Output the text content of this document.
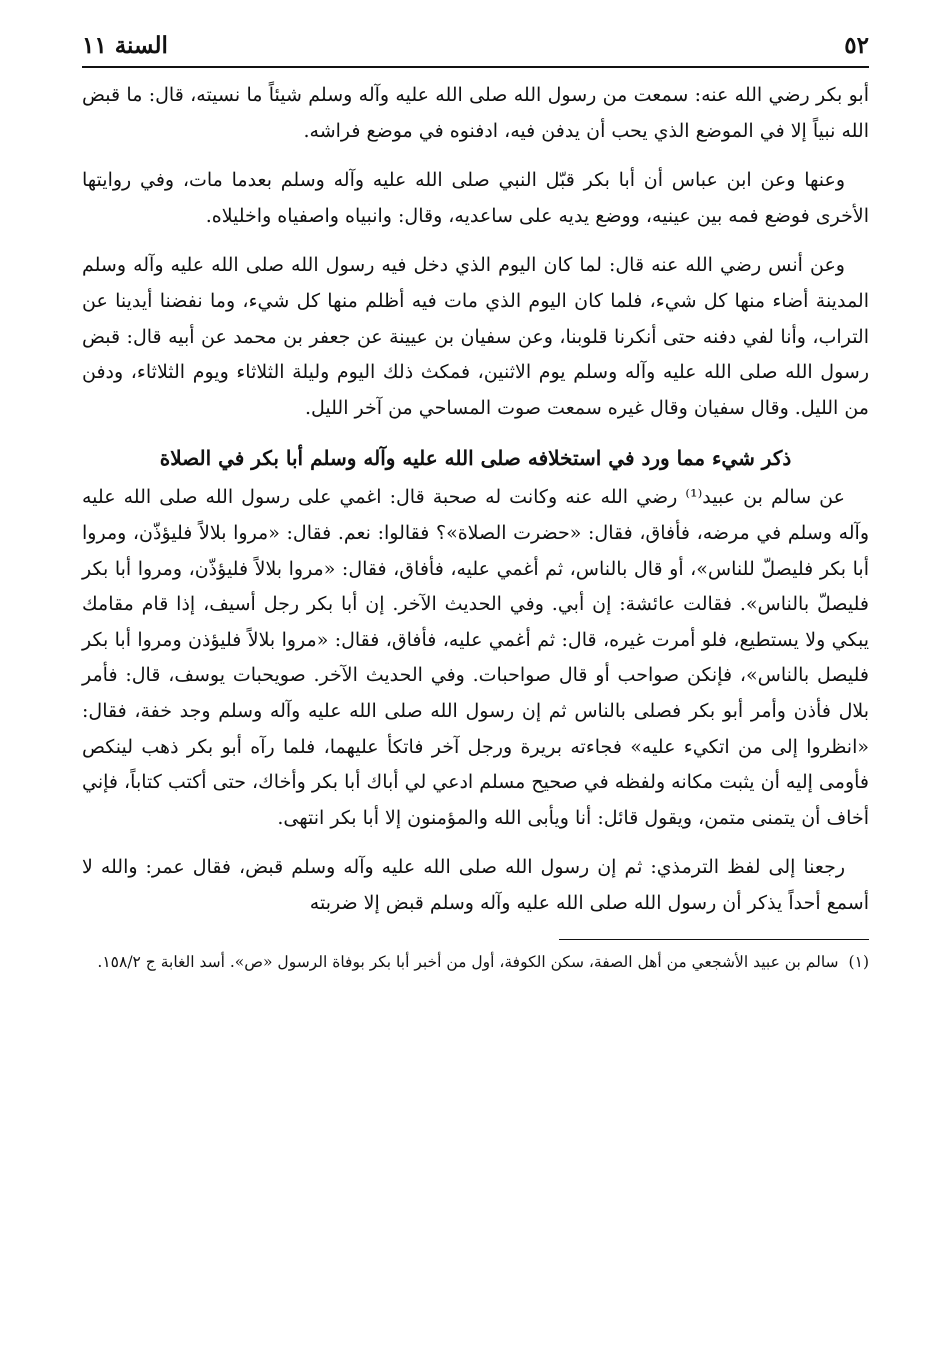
٥٢
السنة ١١

أبو بكر رضي الله عنه: سمعت من رسول الله صلى الله عليه وآله وسلم شيئاً ما نسيته، قال: ما قبض الله نبياً إلا في الموضع الذي يحب أن يدفن فيه، ادفنوه في موضع فراشه.

وعنها وعن ابن عباس أن أبا بكر قبّل النبي صلى الله عليه وآله وسلم بعدما مات، وفي روايتها الأخرى فوضع فمه بين عينيه، ووضع يديه على ساعديه، وقال: وانبياه واصفياه واخليلاه.

وعن أنس رضي الله عنه قال: لما كان اليوم الذي دخل فيه رسول الله صلى الله عليه وآله وسلم المدينة أضاء منها كل شيء، فلما كان اليوم الذي مات فيه أظلم منها كل شيء، وما نفضنا أيدينا عن التراب، وأنا لفي دفنه حتى أنكرنا قلوبنا، وعن سفيان بن عيينة عن جعفر بن محمد عن أبيه قال: قبض رسول الله صلى الله عليه وآله وسلم يوم الاثنين، فمكث ذلك اليوم وليلة الثلاثاء ويوم الثلاثاء، ودفن من الليل. وقال سفيان وقال غيره سمعت صوت المساحي من آخر الليل.

ذكر شيء مما ورد في استخلافه صلى الله عليه وآله وسلم أبا بكر في الصلاة

عن سالم بن عبيد⁽¹⁾ رضي الله عنه وكانت له صحبة قال: اغمي على رسول الله صلى الله عليه وآله وسلم في مرضه، فأفاق، فقال: «حضرت الصلاة»؟ فقالوا: نعم. فقال: «مروا بلالاً فليؤذّن، ومروا أبا بكر فليصلّ للناس»، أو قال بالناس، ثم أغمي عليه، فأفاق، فقال: «مروا بلالاً فليؤذّن، ومروا أبا بكر فليصلّ بالناس». فقالت عائشة: إن أبي. وفي الحديث الآخر. إن أبا بكر رجل أسيف، إذا قام مقامك يبكي ولا يستطيع، فلو أمرت غيره، قال: ثم أغمي عليه، فأفاق، فقال: «مروا بلالاً فليؤذن ومروا أبا بكر فليصل بالناس»، فإنكن صواحب أو قال صواحبات. وفي الحديث الآخر. صويحبات يوسف، قال: فأمر بلال فأذن وأمر أبو بكر فصلى بالناس ثم إن رسول الله صلى الله عليه وآله وسلم وجد خفة، فقال: «انظروا إلى من اتكيء عليه» فجاءته بريرة ورجل آخر فاتكأ عليهما، فلما رآه أبو بكر ذهب لينكص فأومى إليه أن يثبت مكانه ولفظه في صحيح مسلم ادعي لي أباك أبا بكر وأخاك، حتى أكتب كتاباً، فإني أخاف أن يتمنى متمن، ويقول قائل: أنا ويأبى الله والمؤمنون إلا أبا بكر انتهى.

رجعنا إلى لفظ الترمذي: ثم إن رسول الله صلى الله عليه وآله وسلم قبض، فقال عمر: والله لا أسمع أحداً يذكر أن رسول الله صلى الله عليه وآله وسلم قبض إلا ضربته

(١)
سالم بن عبيد الأشجعي من أهل الصفة، سكن الكوفة، أول من أخبر أبا بكر بوفاة الرسول «ص». أسد الغابة ج ١٥٨/٢.
